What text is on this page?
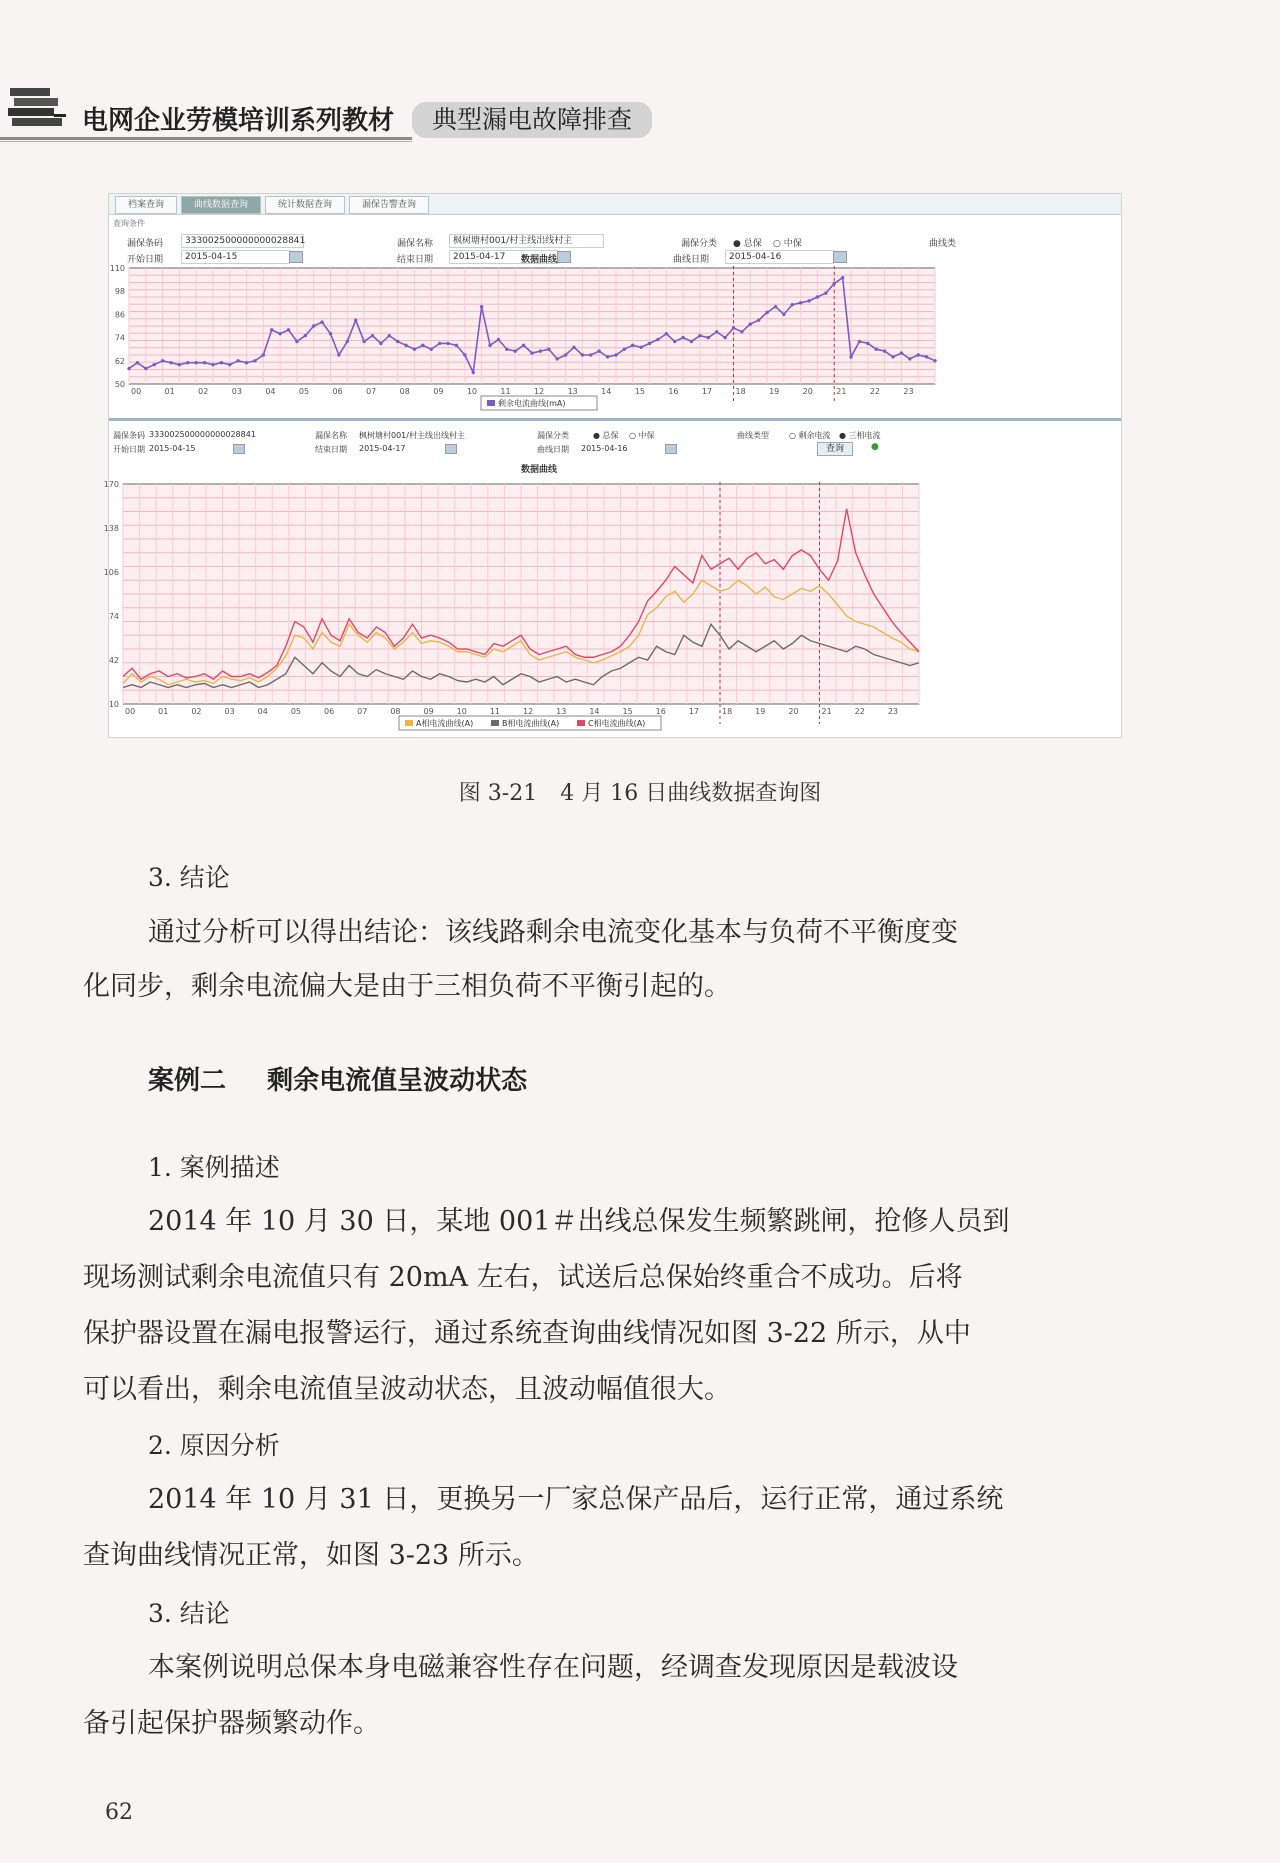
电网企业劳模培训系列教材	典型漏电故障排查
档案查询	曲线数据查询	统计数据查询	漏保告警查询
查询条件
漏保条码	333002500000000028841	漏保名称	枫树塘村001/村主线出线村主	漏保分类 ● 总保 ○ 中保	曲线类
开始日期	2015-04-15	结束日期	2015-04-17	曲线日期	2015-04-16
数据曲线
50
62
74
86
98
110
00	01	02	03	04	05	06	07	08	09	10	11	12	13	14	15	16	17	18	19	20	21	22	23
剩余电流曲线(mA)
漏保条码 333002500000000028841	漏保名称 枫树塘村001/村主线出线村主	漏保分类	● 总保 ○ 中保	曲线类型	○ 剩余电流 ● 三相电流
开始日期 2015-04-15	结束日期 2015-04-17	曲线日期 2015-04-16	查询	●
数据曲线
10
42
74
106
138
170
00	01	02	03	04	05	06	07	08	09	10	11	12	13	14	15	16	17	18	19	20	21	22	23
A相电流曲线(A)	B相电流曲线(A)	C相电流曲线(A)
图 3-21 4 月 16 日曲线数据查询图
3. 结论
通过分析可以得出结论：该线路剩余电流变化基本与负荷不平衡度变
化同步，剩余电流偏大是由于三相负荷不平衡引起的。
案例二 剩余电流值呈波动状态
1. 案例描述
2014 年 10 月 30 日，某地 001＃出线总保发生频繁跳闸，抢修人员到
现场测试剩余电流值只有 20mA 左右，试送后总保始终重合不成功。后将
保护器设置在漏电报警运行，通过系统查询曲线情况如图 3-22 所示，从中
可以看出，剩余电流值呈波动状态，且波动幅值很大。
2. 原因分析
2014 年 10 月 31 日，更换另一厂家总保产品后，运行正常，通过系统
查询曲线情况正常，如图 3-23 所示。
3. 结论
本案例说明总保本身电磁兼容性存在问题，经调查发现原因是载波设
备引起保护器频繁动作。
62
